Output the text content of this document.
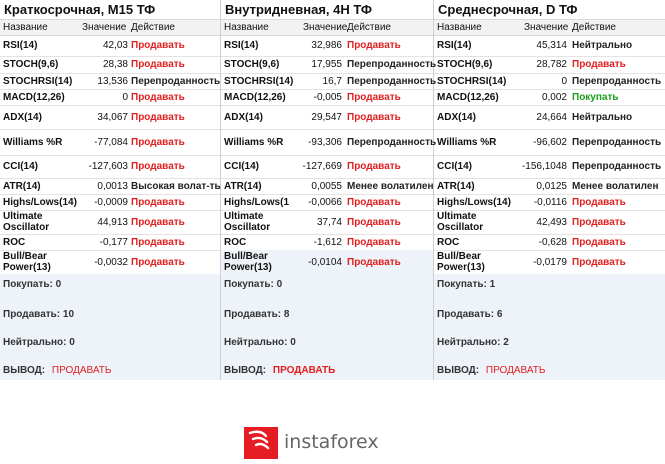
Краткосрочная, М15 ТФ
Название	Значение Действие
RSI(14)	42,03 Продавать
STOCH(9,6)	28,38 Продавать
STOCHRSI(14)	13,536 Перепроданность
MACD(12,26)	0 Продавать
ADX(14)	34,067 Продавать
Williams %R	-77,084 Продавать
CCI(14)	-127,603 Продавать
ATR(14)	0,0013 Высокая волат-ть
Highs/Lows(14)	-0,0009 Продавать
Ultimate Oscillator	44,913 Продавать
ROC	-0,177 Продавать
Bull/Bear Power(13)	-0,0032 Продавать
Покупать: 0
Продавать: 10
Нейтрально: 0
ВЫВОД: ПРОДАВАТЬ
Внутридневная, 4Н ТФ
Название	Значение Действие
RSI(14)	32,986 Продавать
STOCH(9,6)	17,955 Перепроданность
STOCHRSI(14)	16,7 Перепроданность
MACD(12,26)	-0,005 Продавать
ADX(14)	29,547 Продавать
Williams %R	-93,306 Перепроданность
CCI(14)	-127,669 Продавать
ATR(14)	0,0055 Менее волатилен
Highs/Lows(1	-0,0066 Продавать
Ultimate Oscillator	37,74 Продавать
ROC	-1,612 Продавать
Bull/Bear Power(13)	-0,0104 Продавать
Покупать: 0
Продавать: 8
Нейтрально: 0
ВЫВОД: ПРОДАВАТЬ
Среднесрочная, D ТФ
Название	Значение Действие
RSI(14)	45,314 Нейтрально
STOCH(9,6)	28,782 Продавать
STOCHRSI(14)	0 Перепроданность
MACD(12,26)	0,002 Покупать
ADX(14)	24,664 Нейтрально
Williams %R	-96,602 Перепроданность
CCI(14)	-156,1048 Перепроданность
ATR(14)	0,0125 Менее волатилен
Highs/Lows(14)	-0,0116 Продавать
Ultimate Oscillator	42,493 Продавать
ROC	-0,628 Продавать
Bull/Bear Power(13)	-0,0179 Продавать
Покупать: 1
Продавать: 6
Нейтрально: 2
ВЫВОД: ПРОДАВАТЬ
instaforex
